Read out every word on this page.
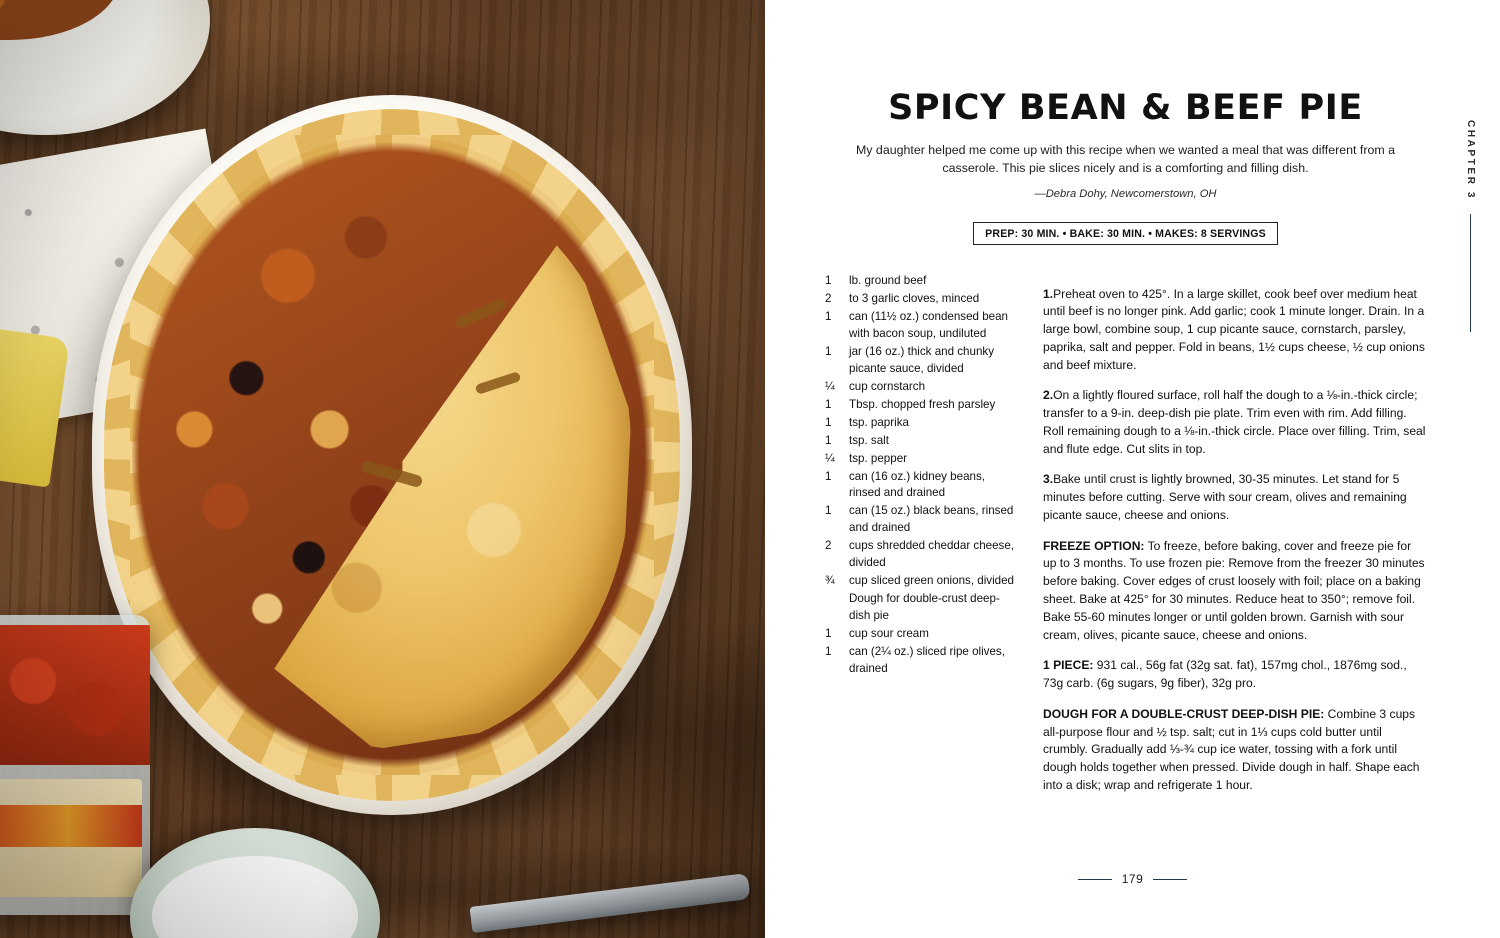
SPICY BEAN & BEEF PIE

My daughter helped me come up with this recipe when we wanted a meal that was different from a casserole. This pie slices nicely and is a comforting and filling dish.

—Debra Dohy, Newcomerstown, OH

PREP: 30 MIN. • BAKE: 30 MIN. • MAKES: 8 SERVINGS
1	lb. ground beef
2	to 3 garlic cloves, minced
1	can (11½ oz.) condensed bean with bacon soup, undiluted
1	jar (16 oz.) thick and chunky picante sauce, divided
¼	cup cornstarch
1	Tbsp. chopped fresh parsley
1	tsp. paprika
1	tsp. salt
¼	tsp. pepper
1	can (16 oz.) kidney beans, rinsed and drained
1	can (15 oz.) black beans, rinsed and drained
2	cups shredded cheddar cheese, divided
¾	cup sliced green onions, divided
Dough for double-crust deep-dish pie
1	cup sour cream
1	can (2¼ oz.) sliced ripe olives, drained

1.Preheat oven to 425°. In a large skillet, cook beef over medium heat until beef is no longer pink. Add garlic; cook 1 minute longer. Drain. In a large bowl, combine soup, 1 cup picante sauce, cornstarch, parsley, paprika, salt and pepper. Fold in beans, 1½ cups cheese, ½ cup onions and beef mixture.

2.On a lightly floured surface, roll half the dough to a ⅛-in.-thick circle; transfer to a 9-in. deep-dish pie plate. Trim even with rim. Add filling. Roll remaining dough to a ⅛-in.-thick circle. Place over filling. Trim, seal and flute edge. Cut slits in top.

3.Bake until crust is lightly browned, 30-35 minutes. Let stand for 5 minutes before cutting. Serve with sour cream, olives and remaining picante sauce, cheese and onions.

FREEZE OPTION: To freeze, before baking, cover and freeze pie for up to 3 months. To use frozen pie: Remove from the freezer 30 minutes before baking. Cover edges of crust loosely with foil; place on a baking sheet. Bake at 425° for 30 minutes. Reduce heat to 350°; remove foil. Bake 55-60 minutes longer or until golden brown. Garnish with sour cream, olives, picante sauce, cheese and onions.

1 PIECE: 931 cal., 56g fat (32g sat. fat), 157mg chol., 1876mg sod., 73g carb. (6g sugars, 9g fiber), 32g pro.

DOUGH FOR A DOUBLE-CRUST DEEP-DISH PIE: Combine 3 cups all-purpose flour and ½ tsp. salt; cut in 1⅓ cups cold butter until crumbly. Gradually add ⅓-¾ cup ice water, tossing with a fork until dough holds together when pressed. Divide dough in half. Shape each into a disk; wrap and refrigerate 1 hour.

CHAPTER 3
179
